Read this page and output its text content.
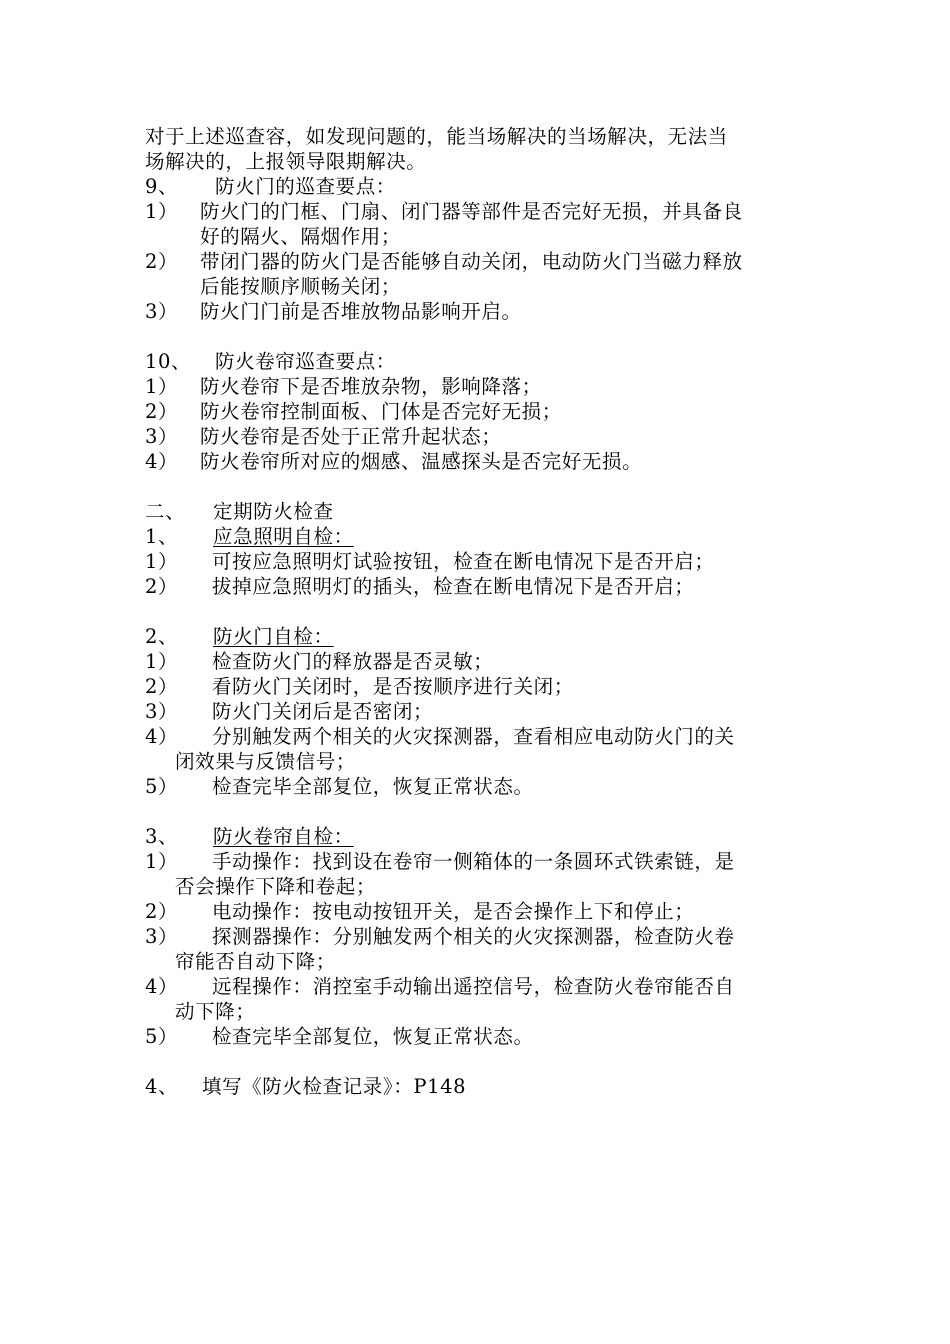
对于上述巡查容，如发现问题的，能当场解决的当场解决，无法当
场解决的，上报领导限期解决。
9、 防火门的巡查要点：
1） 防火门的门框、门扇、闭门器等部件是否完好无损，并具备良
好的隔火、隔烟作用；
2） 带闭门器的防火门是否能够自动关闭，电动防火门当磁力释放
后能按顺序顺畅关闭；
3） 防火门门前是否堆放物品影响开启。
10、 防火卷帘巡查要点：
1） 防火卷帘下是否堆放杂物，影响降落；
2） 防火卷帘控制面板、门体是否完好无损；
3） 防火卷帘是否处于正常升起状态；
4） 防火卷帘所对应的烟感、温感探头是否完好无损。
二、 定期防火检查
1、 应急照明自检：
1） 可按应急照明灯试验按钮，检查在断电情况下是否开启；
2） 拔掉应急照明灯的插头，检查在断电情况下是否开启；
2、 防火门自检：
1） 检查防火门的释放器是否灵敏；
2） 看防火门关闭时，是否按顺序进行关闭；
3） 防火门关闭后是否密闭；
4） 分别触发两个相关的火灾探测器，查看相应电动防火门的关
闭效果与反馈信号；
5） 检查完毕全部复位，恢复正常状态。
3、 防火卷帘自检：
1） 手动操作：找到设在卷帘一侧箱体的一条圆环式铁索链，是
否会操作下降和卷起；
2） 电动操作：按电动按钮开关，是否会操作上下和停止；
3） 探测器操作：分别触发两个相关的火灾探测器，检查防火卷
帘能否自动下降；
4） 远程操作：消控室手动输出遥控信号，检查防火卷帘能否自
动下降；
5） 检查完毕全部复位，恢复正常状态。
4、 填写《防火检查记录》：P148
